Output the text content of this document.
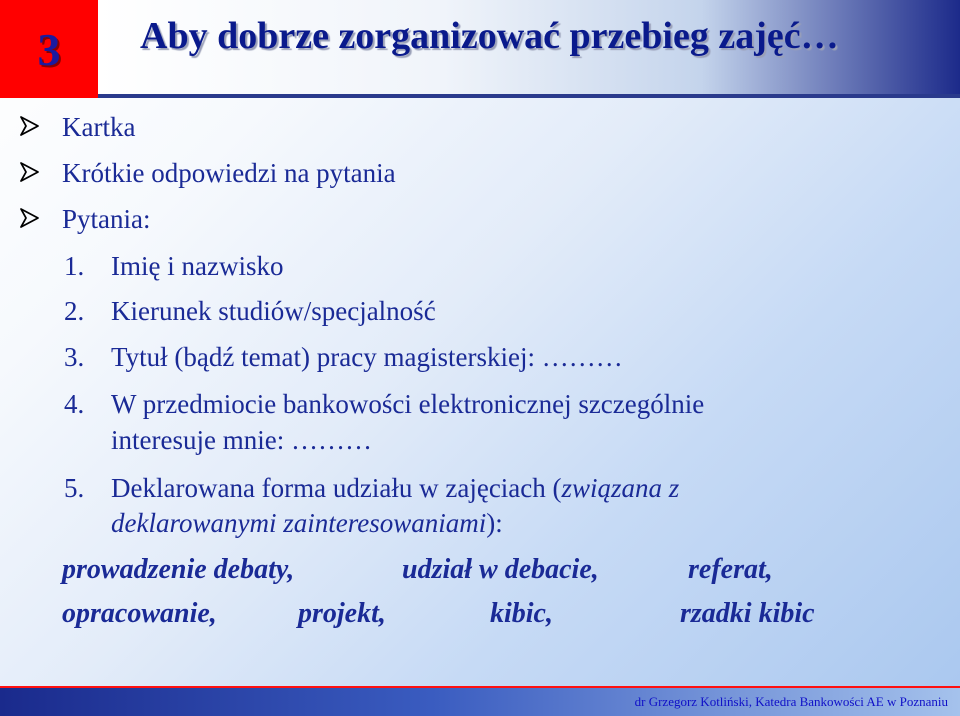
3 Aby dobrze zorganizować przebieg zajęć…
Kartka
Krótkie odpowiedzi na pytania
Pytania:
1. Imię i nazwisko
2. Kierunek studiów/specjalność
3. Tytuł (bądź temat) pracy magisterskiej: ………
4. W przedmiocie bankowości elektronicznej szczególnie
interesuje mnie: ………
5. Deklarowana forma udziału w zajęciach (związana z
deklarowanymi zainteresowaniami):
prowadzenie debaty,	udział w debacie,	referat,
opracowanie,	projekt,	kibic,	rzadki kibic
dr Grzegorz Kotliński, Katedra Bankowości AE w Poznaniu
